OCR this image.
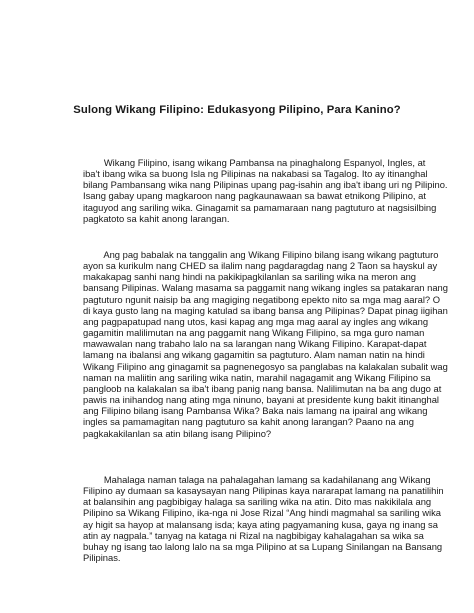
Sulong Wikang Filipino: Edukasyong Pilipino, Para Kanino?
Wikang Filipino, isang wikang Pambansa na pinaghalong Espanyol, Ingles, at
iba't ibang wika sa buong Isla ng Pilipinas na nakabasi sa Tagalog. Ito ay itinanghal
bilang Pambansang wika nang Pilipinas upang pag-isahin ang iba't ibang uri ng Pilipino.
Isang gabay upang magkaroon nang pagkaunawaan sa bawat etnikong Pilipino, at
itaguyod ang sariling wika. Ginagamit sa pamamaraan nang pagtuturo at nagsisilbing
pagkatoto sa kahit anong larangan.
Ang pag babalak na tanggalin ang Wikang Filipino bilang isang wikang pagtuturo
ayon sa kurikulm nang CHED sa ilalim nang pagdaragdag nang 2 Taon sa hayskul ay
makakapag sanhi nang hindi na pakikipagkilanlan sa sariling wika na meron ang
bansang Pilipinas. Walang masama sa paggamit nang wikang ingles sa patakaran nang
pagtuturo ngunit naisip ba ang magiging negatibong epekto nito sa mga mag aaral? O
di kaya gusto lang na maging katulad sa ibang bansa ang Pilipinas? Dapat pinag iigihan
ang pagpapatupad nang utos, kasi kapag ang mga mag aaral ay ingles ang wikang
gagamitin malilimutan na ang paggamit nang Wikang Filipino, sa mga guro naman
mawawalan nang trabaho lalo na sa larangan nang Wikang Filipino. Karapat-dapat
lamang na ibalansi ang wikang gagamitin sa pagtuturo. Alam naman natin na hindi
Wikang Filipino ang ginagamit sa pagnenegosyo sa panglabas na kalakalan subalit wag
naman na maliitin ang sariling wika natin, marahil nagagamit ang Wikang Filipino sa
pangloob na kalakalan sa iba't ibang panig nang bansa. Nalilimutan na ba ang dugo at
pawis na inihandog nang ating mga ninuno, bayani at presidente kung bakit itinanghal
ang Filipino bilang isang Pambansa Wika? Baka nais lamang na ipairal ang wikang
ingles sa pamamagitan nang pagtuturo sa kahit anong larangan? Paano na ang
pagkakakilanlan sa atin bilang isang Pilipino?
Mahalaga naman talaga na pahalagahan lamang sa kadahilanang ang Wikang
Filipino ay dumaan sa kasaysayan nang Pilipinas kaya nararapat lamang na panatilihin
at balansihin ang pagbibigay halaga sa sariling wika na atin. Dito mas nakikilala ang
Pilipino sa Wikang Filipino, ika-nga ni Jose Rizal “Ang hindi magmahal sa sariling wika
ay higit sa hayop at malansang isda; kaya ating pagyamaning kusa, gaya ng inang sa
atin ay nagpala.” tanyag na kataga ni Rizal na nagbibigay kahalagahan sa wika sa
buhay ng isang tao lalong lalo na sa mga Pilipino at sa Lupang Sinilangan na Bansang
Pilipinas.
